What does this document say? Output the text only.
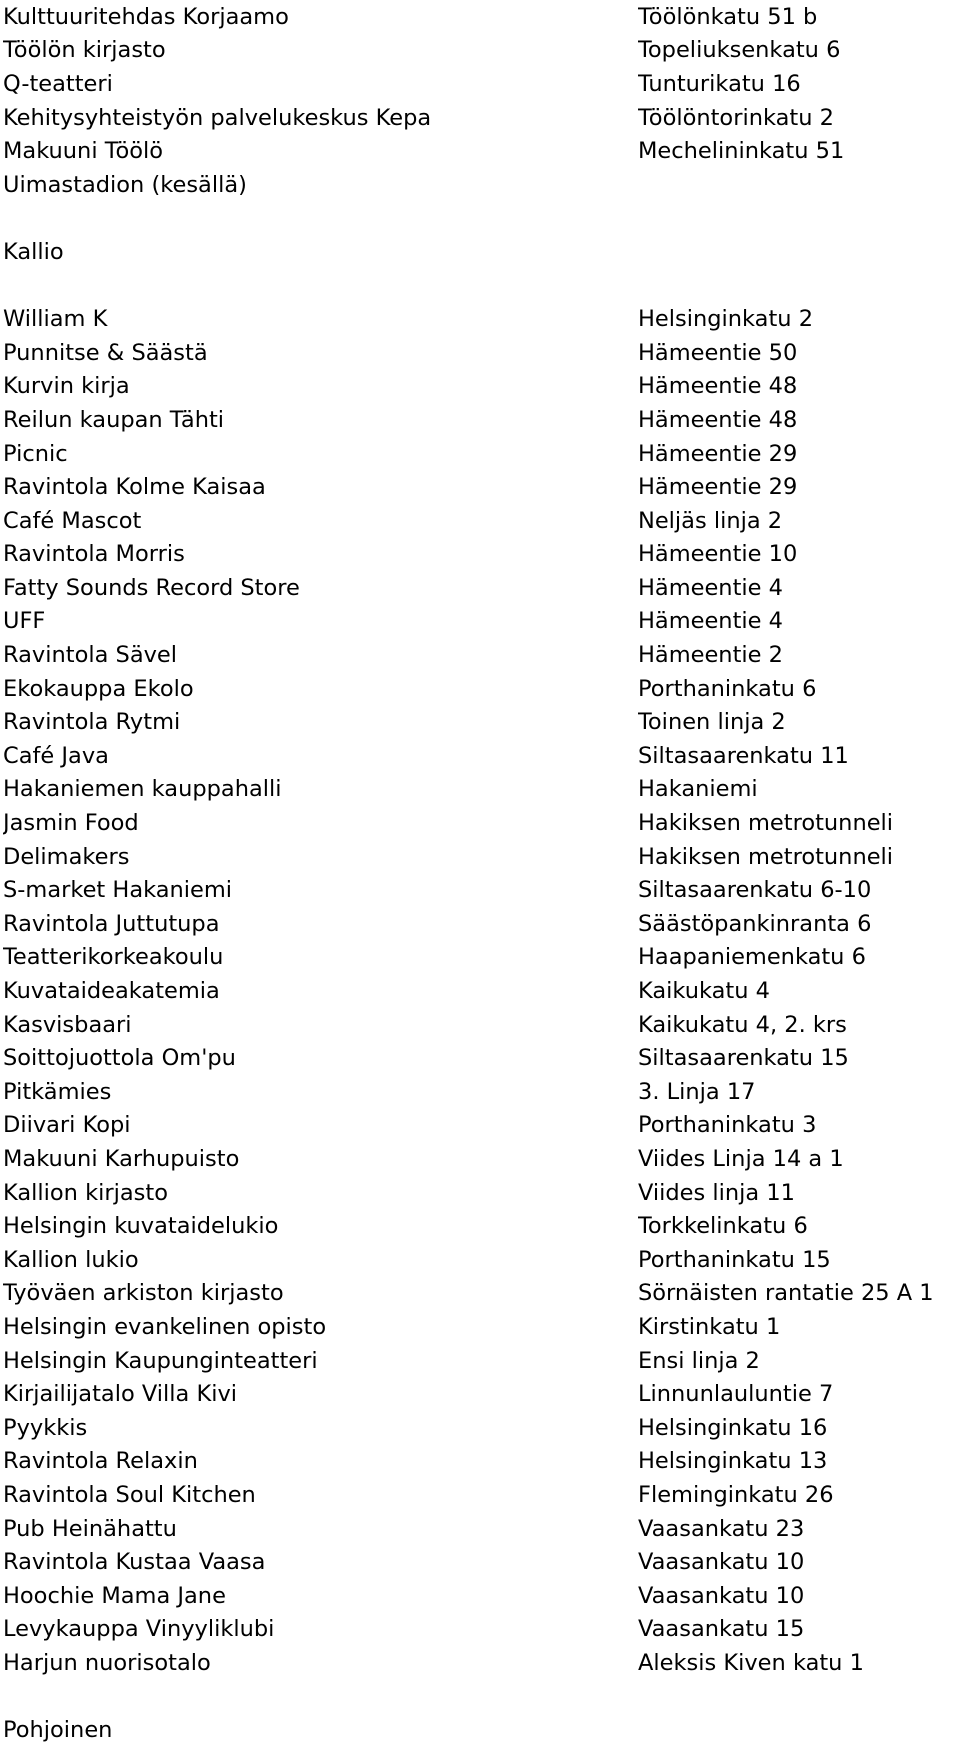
Kulttuuritehdas Korjaamo	Töölönkatu 51 b
Töölön kirjasto	Topeliuksenkatu 6
Q-teatteri	Tunturikatu 16
Kehitysyhteistyön palvelukeskus Kepa	Töölöntorinkatu 2
Makuuni Töölö	Mechelininkatu 51
Uimastadion (kesällä)
Kallio
William K	Helsinginkatu 2
Punnitse & Säästä	Hämeentie 50
Kurvin kirja	Hämeentie 48
Reilun kaupan Tähti	Hämeentie 48
Picnic	Hämeentie 29
Ravintola Kolme Kaisaa	Hämeentie 29
Café Mascot	Neljäs linja 2
Ravintola Morris	Hämeentie 10
Fatty Sounds Record Store	Hämeentie 4
UFF	Hämeentie 4
Ravintola Sävel	Hämeentie 2
Ekokauppa Ekolo	Porthaninkatu 6
Ravintola Rytmi	Toinen linja 2
Café Java	Siltasaarenkatu 11
Hakaniemen kauppahalli	Hakaniemi
Jasmin Food	Hakiksen metrotunneli
Delimakers	Hakiksen metrotunneli
S-market Hakaniemi	Siltasaarenkatu 6-10
Ravintola Juttutupa	Säästöpankinranta 6
Teatterikorkeakoulu	Haapaniemenkatu 6
Kuvataideakatemia	Kaikukatu 4
Kasvisbaari	Kaikukatu 4, 2. krs
Soittojuottola Om'pu	Siltasaarenkatu 15
Pitkämies	3. Linja 17
Diivari Kopi	Porthaninkatu 3
Makuuni Karhupuisto	Viides Linja 14 a 1
Kallion kirjasto	Viides linja 11
Helsingin kuvataidelukio	Torkkelinkatu 6
Kallion lukio	Porthaninkatu 15
Työväen arkiston kirjasto	Sörnäisten rantatie 25 A 1
Helsingin evankelinen opisto	Kirstinkatu 1
Helsingin Kaupunginteatteri	Ensi linja 2
Kirjailijatalo Villa Kivi	Linnunlauluntie 7
Pyykkis	Helsinginkatu 16
Ravintola Relaxin	Helsinginkatu 13
Ravintola Soul Kitchen	Fleminginkatu 26
Pub Heinähattu	Vaasankatu 23
Ravintola Kustaa Vaasa	Vaasankatu 10
Hoochie Mama Jane	Vaasankatu 10
Levykauppa Vinyyliklubi	Vaasankatu 15
Harjun nuorisotalo	Aleksis Kiven katu 1
Pohjoinen
